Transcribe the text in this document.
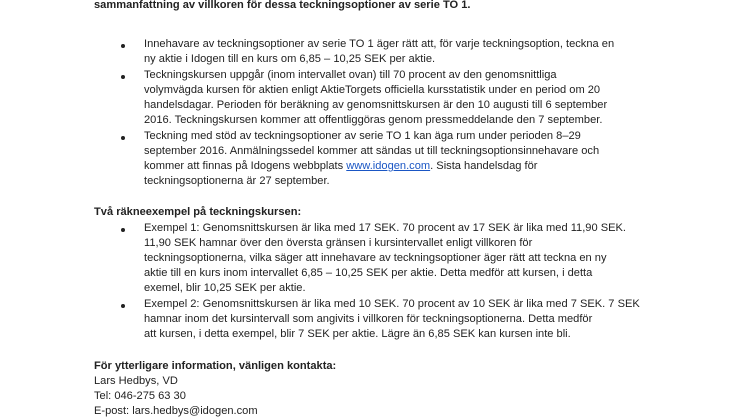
sammanfattning av villkoren för dessa teckningsoptioner av serie TO 1.
Innehavare av teckningsoptioner av serie TO 1 äger rätt att, för varje teckningsoption, teckna en
ny aktie i Idogen till en kurs om 6,85 – 10,25 SEK per aktie.
Teckningskursen uppgår (inom intervallet ovan) till 70 procent av den genomsnittliga
volymvägda kursen för aktien enligt AktieTorgets officiella kursstatistik under en period om 20
handelsdagar. Perioden för beräkning av genomsnittskursen är den 10 augusti till 6 september
2016. Teckningskursen kommer att offentliggöras genom pressmeddelande den 7 september.
Teckning med stöd av teckningsoptioner av serie TO 1 kan äga rum under perioden 8–29
september 2016. Anmälningssedel kommer att sändas ut till teckningsoptionsinnehavare och
kommer att finnas på Idogens webbplats www.idogen.com. Sista handelsdag för
teckningsoptionerna är 27 september.
Två räkneexempel på teckningskursen:
Exempel 1: Genomsnittskursen är lika med 17 SEK. 70 procent av 17 SEK är lika med 11,90 SEK.
11,90 SEK hamnar över den översta gränsen i kursintervallet enligt villkoren för
teckningsoptionerna, vilka säger att innehavare av teckningsoptioner äger rätt att teckna en ny
aktie till en kurs inom intervallet 6,85 – 10,25 SEK per aktie. Detta medför att kursen, i detta
exemel, blir 10,25 SEK per aktie.
Exempel 2: Genomsnittskursen är lika med 10 SEK. 70 procent av 10 SEK är lika med 7 SEK. 7 SEK
hamnar inom det kursintervall som angivits i villkoren för teckningsoptionerna. Detta medför
att kursen, i detta exempel, blir 7 SEK per aktie. Lägre än 6,85 SEK kan kursen inte bli.
För ytterligare information, vänligen kontakta:
Lars Hedbys, VD
Tel: 046-275 63 30
E-post: lars.hedbys@idogen.com
